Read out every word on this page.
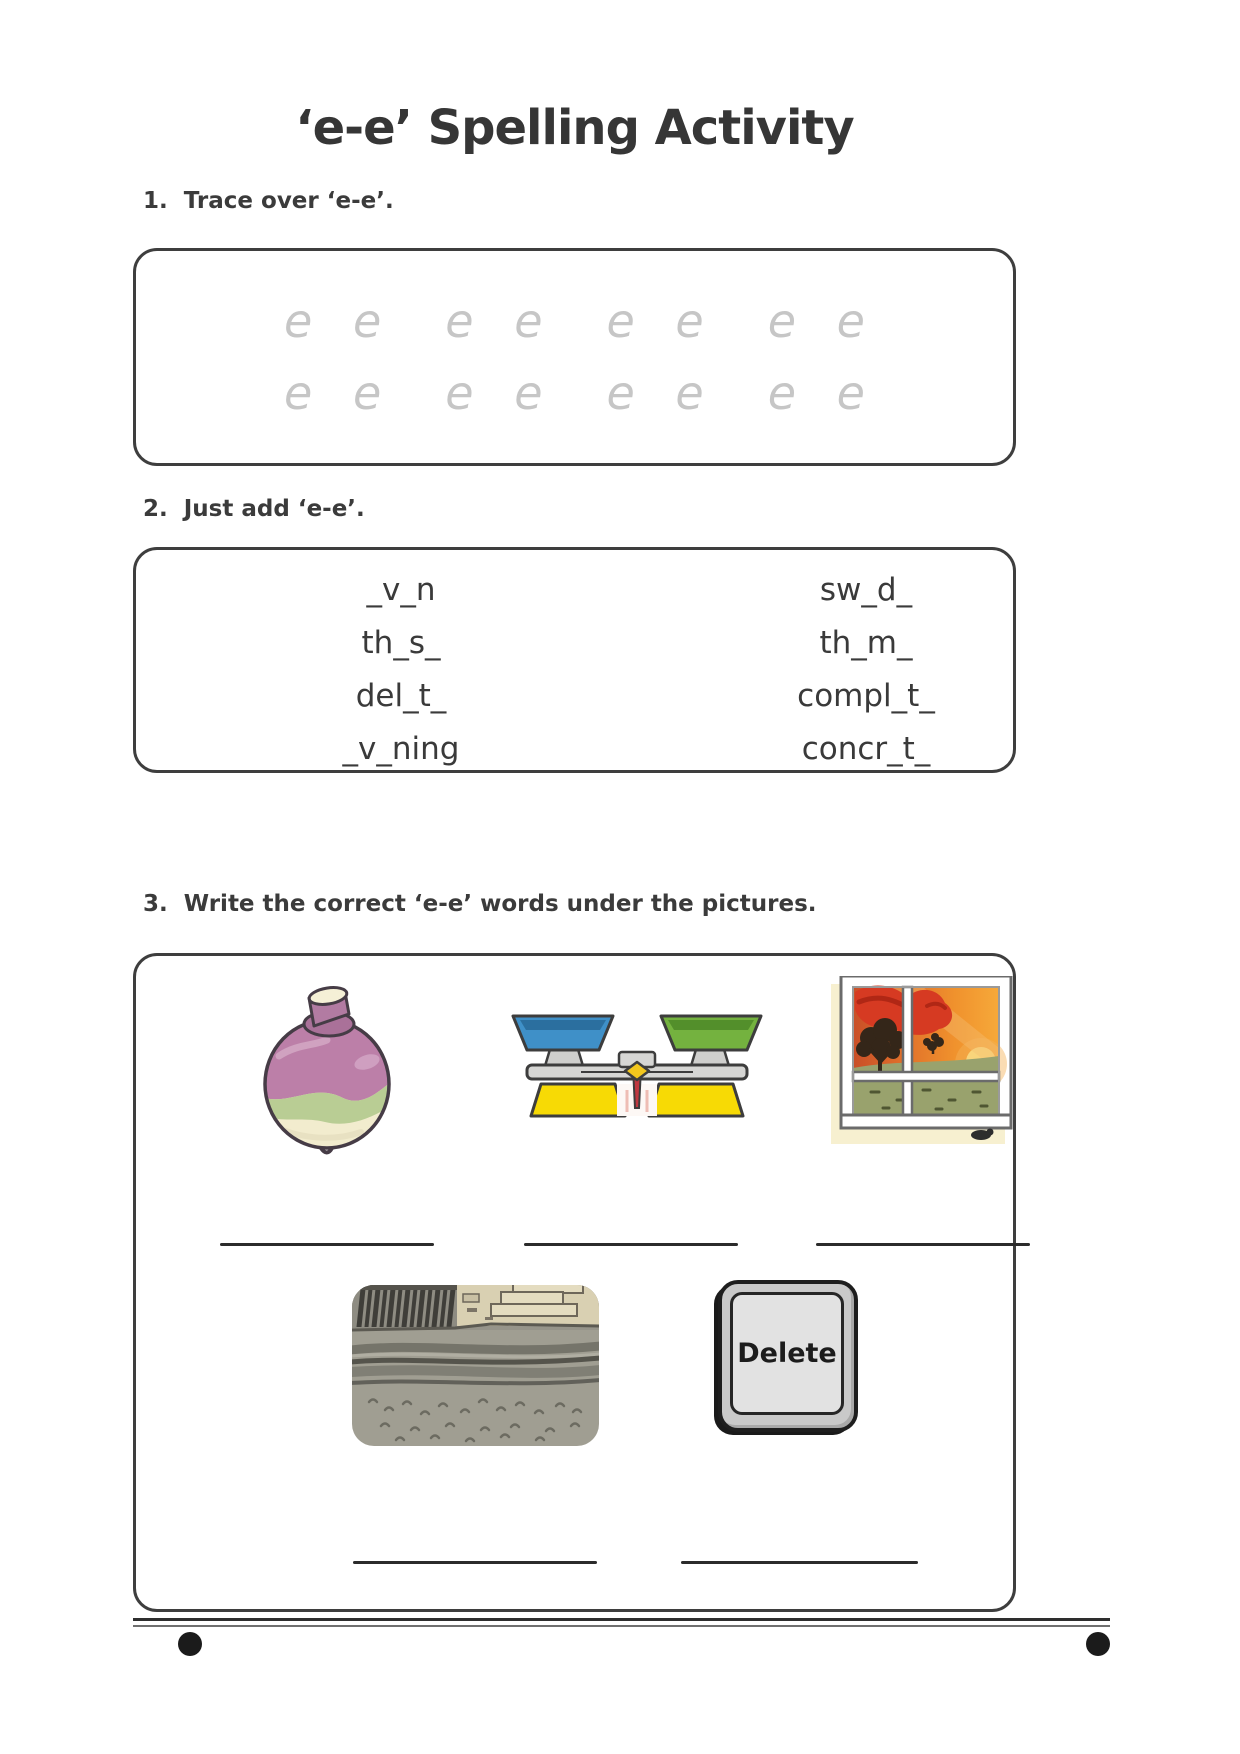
‘e-e’ Spelling Activity
1. Trace over ‘e-e’.
e e e e e e e e
e e e e e e e e
2. Just add ‘e-e’.
_v_n
th_s_
del_t_
_v_ning
sw_d_
th_m_
compl_t_
concr_t_
3. Write the correct ‘e-e’ words under the pictures.
Delete
